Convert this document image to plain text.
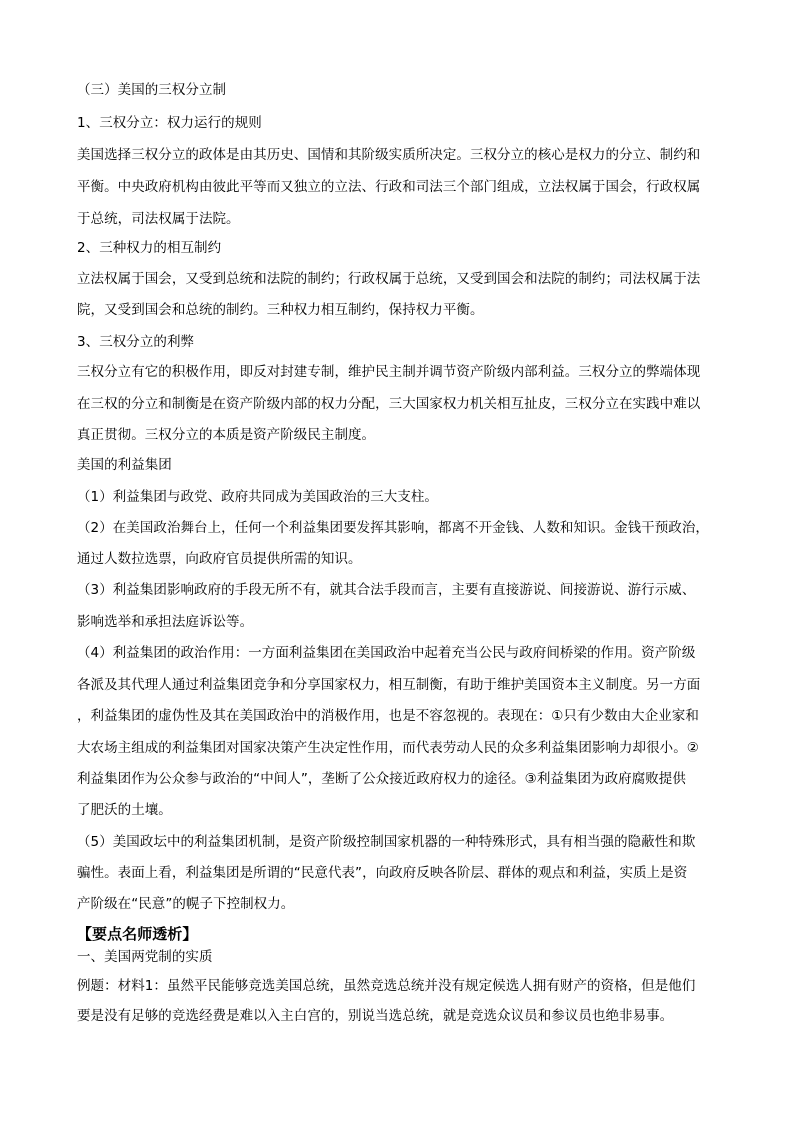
（三）美国的三权分立制
1、三权分立：权力运行的规则
美国选择三权分立的政体是由其历史、国情和其阶级实质所决定。三权分立的核心是权力的分立、制约和
平衡。中央政府机构由彼此平等而又独立的立法、行政和司法三个部门组成，立法权属于国会，行政权属
于总统，司法权属于法院。
2、三种权力的相互制约
立法权属于国会，又受到总统和法院的制约；行政权属于总统，又受到国会和法院的制约；司法权属于法
院，又受到国会和总统的制约。三种权力相互制约，保持权力平衡。
3、三权分立的利弊
三权分立有它的积极作用，即反对封建专制，维护民主制并调节资产阶级内部利益。三权分立的弊端体现
在三权的分立和制衡是在资产阶级内部的权力分配，三大国家权力机关相互扯皮，三权分立在实践中难以
真正贯彻。三权分立的本质是资产阶级民主制度。
美国的利益集团
（1）利益集团与政党、政府共同成为美国政治的三大支柱。
（2）在美国政治舞台上，任何一个利益集团要发挥其影响，都离不开金钱、人数和知识。金钱干预政治，
通过人数拉选票，向政府官员提供所需的知识。
（3）利益集团影响政府的手段无所不有，就其合法手段而言，主要有直接游说、间接游说、游行示威、
影响选举和承担法庭诉讼等。
（4）利益集团的政治作用：一方面利益集团在美国政治中起着充当公民与政府间桥梁的作用。资产阶级
各派及其代理人通过利益集团竞争和分享国家权力，相互制衡，有助于维护美国资本主义制度。另一方面
，利益集团的虚伪性及其在美国政治中的消极作用，也是不容忽视的。表现在：①只有少数由大企业家和
大农场主组成的利益集团对国家决策产生决定性作用，而代表劳动人民的众多利益集团影响力却很小。②
利益集团作为公众参与政治的“中间人”，垄断了公众接近政府权力的途径。③利益集团为政府腐败提供
了肥沃的土壤。
（5）美国政坛中的利益集团机制，是资产阶级控制国家机器的一种特殊形式，具有相当强的隐蔽性和欺
骗性。表面上看，利益集团是所谓的“民意代表”，向政府反映各阶层、群体的观点和利益，实质上是资
产阶级在“民意”的幌子下控制权力。
【要点名师透析】
一、美国两党制的实质
例题：材料1：虽然平民能够竞选美国总统，虽然竞选总统并没有规定候选人拥有财产的资格，但是他们
要是没有足够的竞选经费是难以入主白宫的，别说当选总统，就是竞选众议员和参议员也绝非易事。
